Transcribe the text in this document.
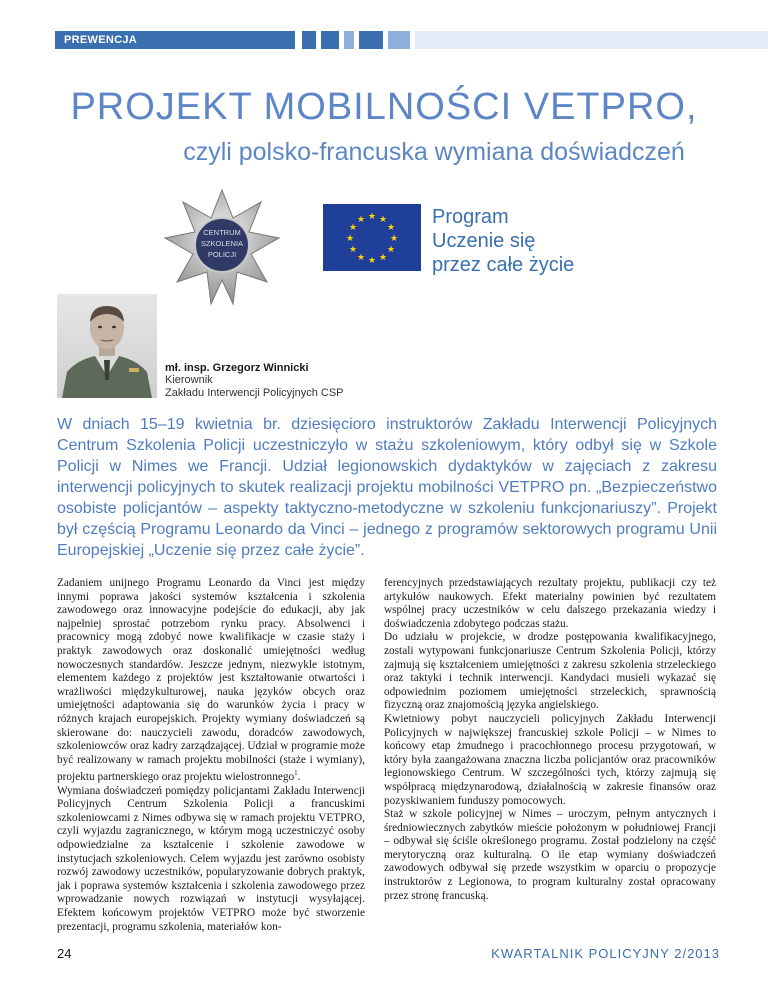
PREWENCJA
PROJEKT MOBILNOŚCI VETPRO,
czyli polsko-francuska wymiana doświadczeń
CENTRUM
SZKOLENIA
POLICJI
★ ★
★
★
★
★
★
★
★
★
★
★	Program
Uczenie się
przez całe życie
mł. insp. Grzegorz Winnicki
Kierownik
Zakładu Interwencji Policyjnych CSP

W dniach 15–19 kwietnia br. dziesięcioro instruktorów Zakładu Interwencji Policyjnych Centrum Szkolenia Policji uczestniczyło w stażu szkoleniowym, który odbył się w Szkole Policji w Nimes we Francji. Udział legionowskich dydaktyków w zajęciach z zakresu interwencji policyjnych to skutek realizacji projektu mobilności VETPRO pn. „Bezpieczeństwo osobiste policjantów – aspekty taktyczno-metodyczne w szkoleniu funkcjonariuszy”. Projekt był częścią Programu Leonardo da Vinci – jednego z programów sektorowych programu Unii Europejskiej „Uczenie się przez całe życie”.

Zadaniem unijnego Programu Leonardo da Vinci jest między innymi poprawa jakości systemów kształcenia i szkolenia zawodowego oraz innowacyjne podejście do edukacji, aby jak najpełniej sprostać potrzebom rynku pracy. Absolwenci i pracownicy mogą zdobyć nowe kwalifikacje w czasie staży i praktyk zawodowych oraz doskonalić umiejętności według nowoczesnych standardów. Jeszcze jednym, niezwykle istotnym, elementem każdego z projektów jest kształtowanie otwartości i wrażliwości międzykulturowej, nauka języków obcych oraz umiejętności adaptowania się do warunków życia i pracy w różnych krajach europejskich. Projekty wymiany doświadczeń są skierowane do: nauczycieli zawodu, doradców zawodowych, szkoleniowców oraz kadry zarządzającej. Udział w programie może być realizowany w ramach projektu mobilności (staże i wymiany), projektu partnerskiego oraz projektu wielostronnego$^1$.

Wymiana doświadczeń pomiędzy policjantami Zakładu Interwencji Policyjnych Centrum Szkolenia Policji a francuskimi szkoleniowcami z Nimes odbywa się w ramach projektu VETPRO, czyli wyjazdu zagranicznego, w którym mogą uczestniczyć osoby odpowiedzialne za kształcenie i szkolenie zawodowe w instytucjach szkoleniowych. Celem wyjazdu jest zarówno osobisty rozwój zawodowy uczestników, popularyzowanie dobrych praktyk, jak i poprawa systemów kształcenia i szkolenia zawodowego przez wprowadzanie nowych rozwiązań w instytucji wysyłającej. Efektem końcowym projektów VETPRO może być stworzenie prezentacji, programu szkolenia, materiałów kon-

ferencyjnych przedstawiających rezultaty projektu, publikacji czy też artykułów naukowych. Efekt materialny powinien być rezultatem wspólnej pracy uczestników w celu dalszego przekazania wiedzy i doświadczenia zdobytego podczas stażu.

Do udziału w projekcie, w drodze postępowania kwalifikacyjnego, zostali wytypowani funkcjonariusze Centrum Szkolenia Policji, którzy zajmują się kształceniem umiejętności z zakresu szkolenia strzeleckiego oraz taktyki i technik interwencji. Kandydaci musieli wykazać się odpowiednim poziomem umiejętności strzeleckich, sprawnością fizyczną oraz znajomością języka angielskiego.

Kwietniowy pobyt nauczycieli policyjnych Zakładu Interwencji Policyjnych w największej francuskiej szkole Policji – w Nimes to końcowy etap żmudnego i pracochłonnego procesu przygotowań, w który była zaangażowana znaczna liczba policjantów oraz pracowników legionowskiego Centrum. W szczególności tych, którzy zajmują się współpracą międzynarodową, działalnością w zakresie finansów oraz pozyskiwaniem funduszy pomocowych.

Staż w szkole policyjnej w Nimes – uroczym, pełnym antycznych i średniowiecznych zabytków mieście położonym w południowej Francji – odbywał się ściśle określonego programu. Został podzielony na część merytoryczną oraz kulturalną. O ile etap wymiany doświadczeń zawodowych odbywał się przede wszystkim w oparciu o propozycje instruktorów z Legionowa, to program kulturalny został opracowany przez stronę francuską.

24	KWARTALNIK POLICYJNY 2/2013
